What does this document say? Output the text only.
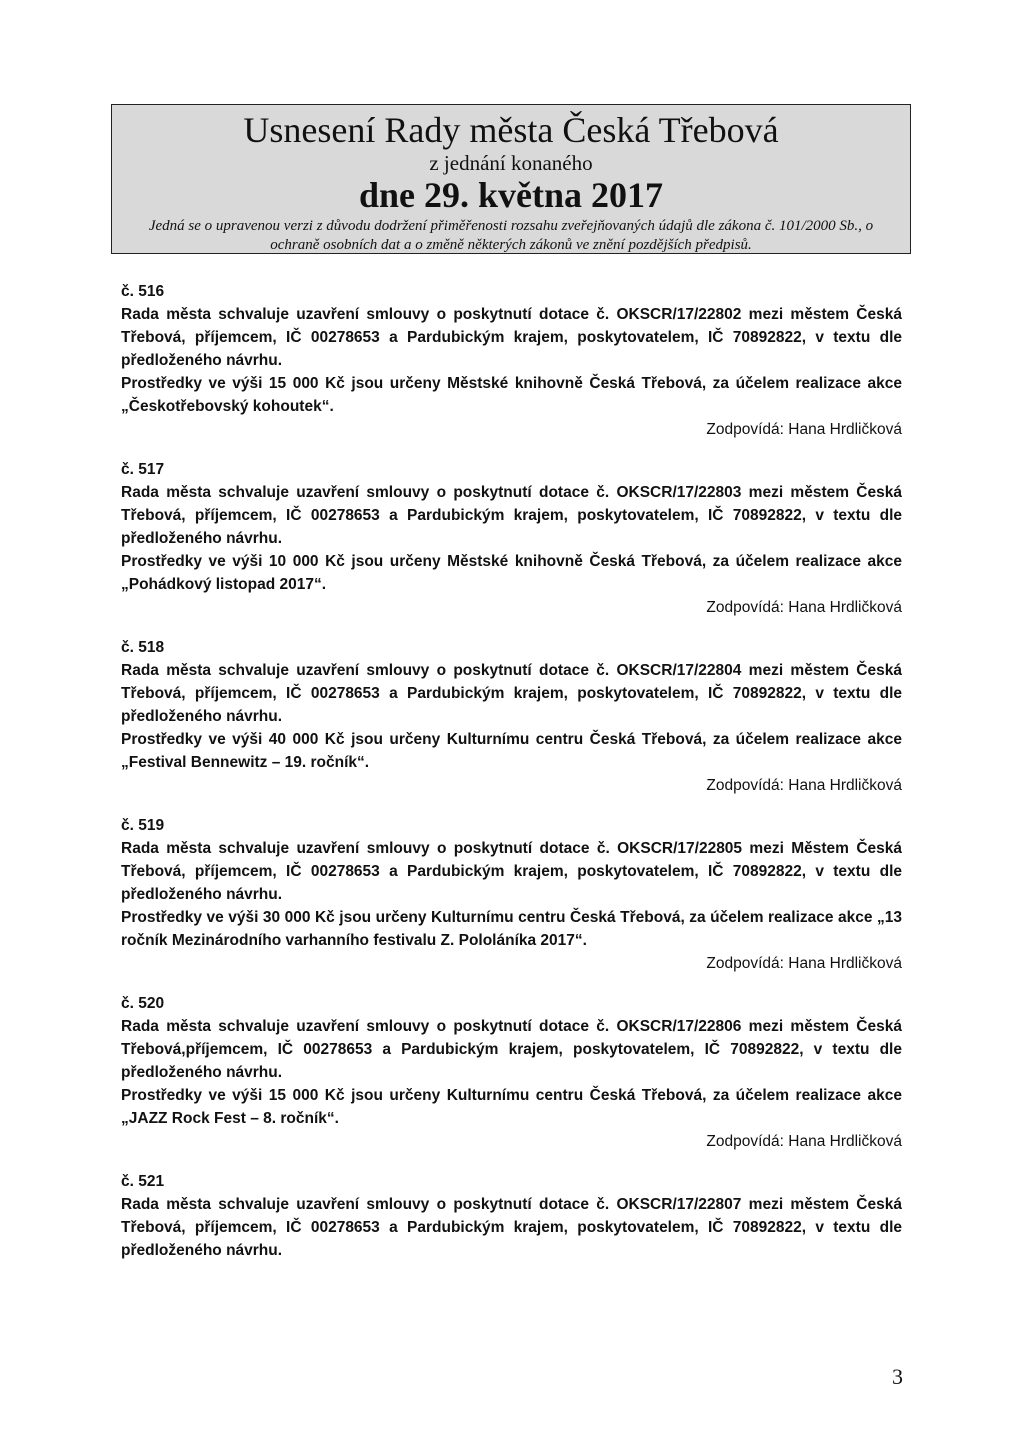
Usnesení Rady města Česká Třebová
z jednání konaného
dne 29. května 2017
Jedná se o upravenou verzi z důvodu dodržení přiměřenosti rozsahu zveřejňovaných údajů dle zákona č. 101/2000 Sb., o ochraně osobních dat a o změně některých zákonů ve znění pozdějších předpisů.

č. 516

Rada města schvaluje uzavření smlouvy o poskytnutí dotace č. OKSCR/17/22802 mezi městem Česká Třebová, příjemcem, IČ 00278653 a Pardubickým krajem, poskytovatelem, IČ 70892822, v textu dle předloženého návrhu.

Prostředky ve výši 15 000 Kč jsou určeny Městské knihovně Česká Třebová, za účelem realizace akce „Českotřebovský kohoutek“.

Zodpovídá: Hana Hrdličková

č. 517

Rada města schvaluje uzavření smlouvy o poskytnutí dotace č. OKSCR/17/22803 mezi městem Česká Třebová, příjemcem, IČ 00278653 a Pardubickým krajem, poskytovatelem, IČ 70892822, v textu dle předloženého návrhu.

Prostředky ve výši 10 000 Kč jsou určeny Městské knihovně Česká Třebová, za účelem realizace akce „Pohádkový listopad 2017“.

Zodpovídá: Hana Hrdličková

č. 518

Rada města schvaluje uzavření smlouvy o poskytnutí dotace č. OKSCR/17/22804 mezi městem Česká Třebová, příjemcem, IČ 00278653 a Pardubickým krajem, poskytovatelem, IČ 70892822, v textu dle předloženého návrhu.

Prostředky ve výši 40 000 Kč jsou určeny Kulturnímu centru Česká Třebová, za účelem realizace akce „Festival Bennewitz – 19. ročník“.

Zodpovídá: Hana Hrdličková

č. 519

Rada města schvaluje uzavření smlouvy o poskytnutí dotace č. OKSCR/17/22805 mezi Městem Česká Třebová, příjemcem, IČ 00278653 a Pardubickým krajem, poskytovatelem, IČ 70892822, v textu dle předloženého návrhu.

Prostředky ve výši 30 000 Kč jsou určeny Kulturnímu centru Česká Třebová, za účelem realizace akce „13 ročník Mezinárodního varhanního festivalu Z. Pololáníka 2017“.

Zodpovídá: Hana Hrdličková

č. 520

Rada města schvaluje uzavření smlouvy o poskytnutí dotace č. OKSCR/17/22806 mezi městem Česká Třebová,příjemcem, IČ 00278653 a Pardubickým krajem, poskytovatelem, IČ 70892822, v textu dle předloženého návrhu.

Prostředky ve výši 15 000 Kč jsou určeny Kulturnímu centru Česká Třebová, za účelem realizace akce „JAZZ Rock Fest – 8. ročník“.

Zodpovídá: Hana Hrdličková

č. 521

Rada města schvaluje uzavření smlouvy o poskytnutí dotace č. OKSCR/17/22807 mezi městem Česká Třebová, příjemcem, IČ 00278653 a Pardubickým krajem, poskytovatelem, IČ 70892822, v textu dle předloženého návrhu.

3
